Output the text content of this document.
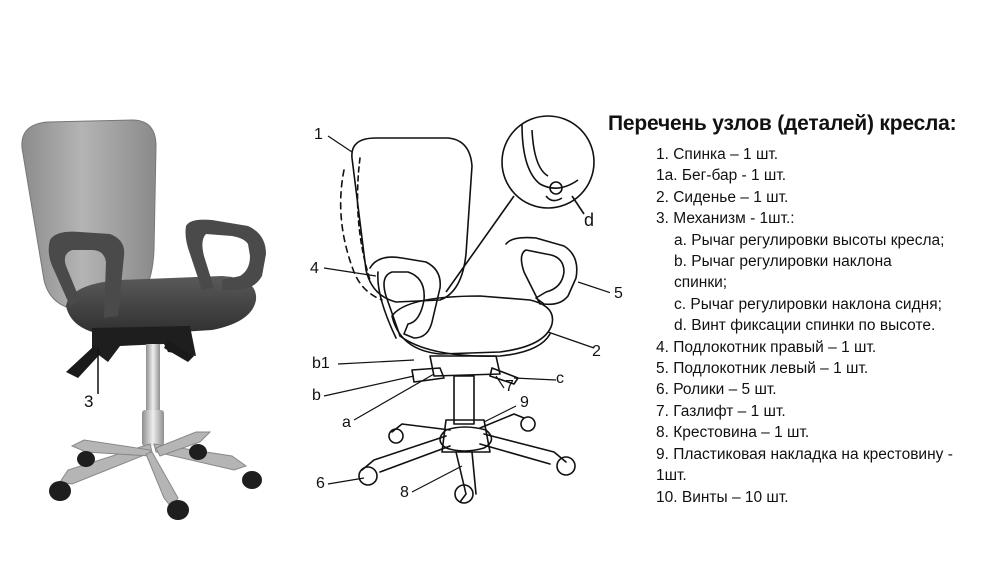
3
1
4
5
2
b1
b
a
c
7
9
6
8
d
Перечень узлов (деталей) кресла:
1. Спинка – 1 шт.
1а. Бег-бар - 1 шт.
2. Сиденье – 1 шт.
3. Механизм - 1шт.:
a. Рычаг регулировки высоты кресла;
b. Рычаг регулировки наклона спинки;
c. Рычаг регулировки наклона сидня;
d. Винт фиксации спинки по высоте.
4. Подлокотник правый – 1 шт.
5. Подлокотник левый – 1 шт.
6. Ролики – 5 шт.
7. Газлифт – 1 шт.
8. Крестовина – 1 шт.
9. Пластиковая накладка на крестовину - 1шт.
10. Винты – 10 шт.
